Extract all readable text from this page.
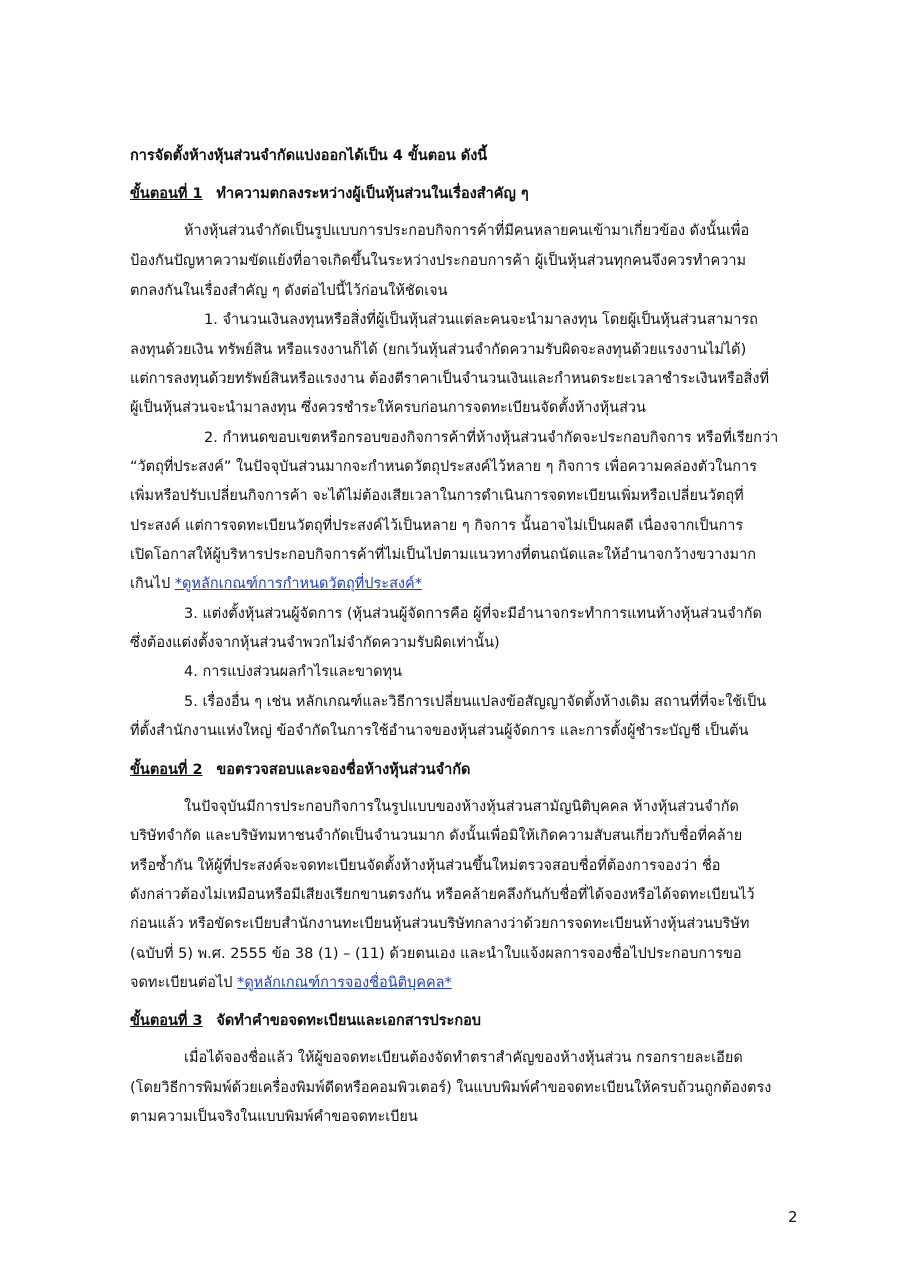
การจัดตั้งห้างหุ้นส่วนจำกัดแบ่งออกได้เป็น 4 ขั้นตอน ดังนี้
ขั้นตอนที่ 1 ทำความตกลงระหว่างผู้เป็นหุ้นส่วนในเรื่องสำคัญ ๆ
ห้างหุ้นส่วนจำกัดเป็นรูปแบบการประกอบกิจการค้าที่มีคนหลายคนเข้ามาเกี่ยวข้อง ดังนั้นเพื่อ
ป้องกันปัญหาความขัดแย้งที่อาจเกิดขึ้นในระหว่างประกอบการค้า ผู้เป็นหุ้นส่วนทุกคนจึงควรทำความ
ตกลงกันในเรื่องสำคัญ ๆ ดังต่อไปนี้ไว้ก่อนให้ชัดเจน
1. จำนวนเงินลงทุนหรือสิ่งที่ผู้เป็นหุ้นส่วนแต่ละคนจะนำมาลงทุน โดยผู้เป็นหุ้นส่วนสามารถ
ลงทุนด้วยเงิน ทรัพย์สิน หรือแรงงานก็ได้ (ยกเว้นหุ้นส่วนจำกัดความรับผิดจะลงทุนด้วยแรงงานไม่ได้)
แต่การลงทุนด้วยทรัพย์สินหรือแรงงาน ต้องตีราคาเป็นจำนวนเงินและกำหนดระยะเวลาชำระเงินหรือสิ่งที่
ผู้เป็นหุ้นส่วนจะนำมาลงทุน ซึ่งควรชำระให้ครบก่อนการจดทะเบียนจัดตั้งห้างหุ้นส่วน
2. กำหนดขอบเขตหรือกรอบของกิจการค้าที่ห้างหุ้นส่วนจำกัดจะประกอบกิจการ หรือที่เรียกว่า
“วัตถุที่ประสงค์” ในปัจจุบันส่วนมากจะกำหนดวัตถุประสงค์ไว้หลาย ๆ กิจการ เพื่อความคล่องตัวในการ
เพิ่มหรือปรับเปลี่ยนกิจการค้า จะได้ไม่ต้องเสียเวลาในการดำเนินการจดทะเบียนเพิ่มหรือเปลี่ยนวัตถุที่
ประสงค์ แต่การจดทะเบียนวัตถุที่ประสงค์ไว้เป็นหลาย ๆ กิจการ นั้นอาจไม่เป็นผลดี เนื่องจากเป็นการ
เปิดโอกาสให้ผู้บริหารประกอบกิจการค้าที่ไม่เป็นไปตามแนวทางที่ตนถนัดและให้อำนาจกว้างขวางมาก
เกินไป *ดูหลักเกณฑ์การกำหนดวัตถุที่ประสงค์*
3. แต่งตั้งหุ้นส่วนผู้จัดการ (หุ้นส่วนผู้จัดการคือ ผู้ที่จะมีอำนาจกระทำการแทนห้างหุ้นส่วนจำกัด
ซึ่งต้องแต่งตั้งจากหุ้นส่วนจำพวกไม่จำกัดความรับผิดเท่านั้น)
4. การแบ่งส่วนผลกำไรและขาดทุน
5. เรื่องอื่น ๆ เช่น หลักเกณฑ์และวิธีการเปลี่ยนแปลงข้อสัญญาจัดตั้งห้างเดิม สถานที่ที่จะใช้เป็น
ที่ตั้งสำนักงานแห่งใหญ่ ข้อจำกัดในการใช้อำนาจของหุ้นส่วนผู้จัดการ และการตั้งผู้ชำระบัญชี เป็นต้น
ขั้นตอนที่ 2 ขอตรวจสอบและจองชื่อห้างหุ้นส่วนจำกัด
ในปัจจุบันมีการประกอบกิจการในรูปแบบของห้างหุ้นส่วนสามัญนิติบุคคล ห้างหุ้นส่วนจำกัด
บริษัทจำกัด และบริษัทมหาชนจำกัดเป็นจำนวนมาก ดังนั้นเพื่อมิให้เกิดความสับสนเกี่ยวกับชื่อที่คล้าย
หรือซ้ำกัน ให้ผู้ที่ประสงค์จะจดทะเบียนจัดตั้งห้างหุ้นส่วนขึ้นใหม่ตรวจสอบชื่อที่ต้องการจองว่า ชื่อ
ดังกล่าวต้องไม่เหมือนหรือมีเสียงเรียกขานตรงกัน หรือคล้ายคลึงกันกับชื่อที่ได้จองหรือได้จดทะเบียนไว้
ก่อนแล้ว หรือขัดระเบียบสำนักงานทะเบียนหุ้นส่วนบริษัทกลางว่าด้วยการจดทะเบียนห้างหุ้นส่วนบริษัท
(ฉบับที่ 5) พ.ศ. 2555 ข้อ 38 (1) – (11) ด้วยตนเอง และนำใบแจ้งผลการจองชื่อไปประกอบการขอ
จดทะเบียนต่อไป *ดูหลักเกณฑ์การจองชื่อนิติบุคคล*
ขั้นตอนที่ 3 จัดทำคำขอจดทะเบียนและเอกสารประกอบ
เมื่อได้จองชื่อแล้ว ให้ผู้ขอจดทะเบียนต้องจัดทำตราสำคัญของห้างหุ้นส่วน กรอกรายละเอียด
(โดยวิธีการพิมพ์ด้วยเครื่องพิมพ์ดีดหรือคอมพิวเตอร์) ในแบบพิมพ์คำขอจดทะเบียนให้ครบถ้วนถูกต้องตรง
ตามความเป็นจริงในแบบพิมพ์คำขอจดทะเบียน
2
